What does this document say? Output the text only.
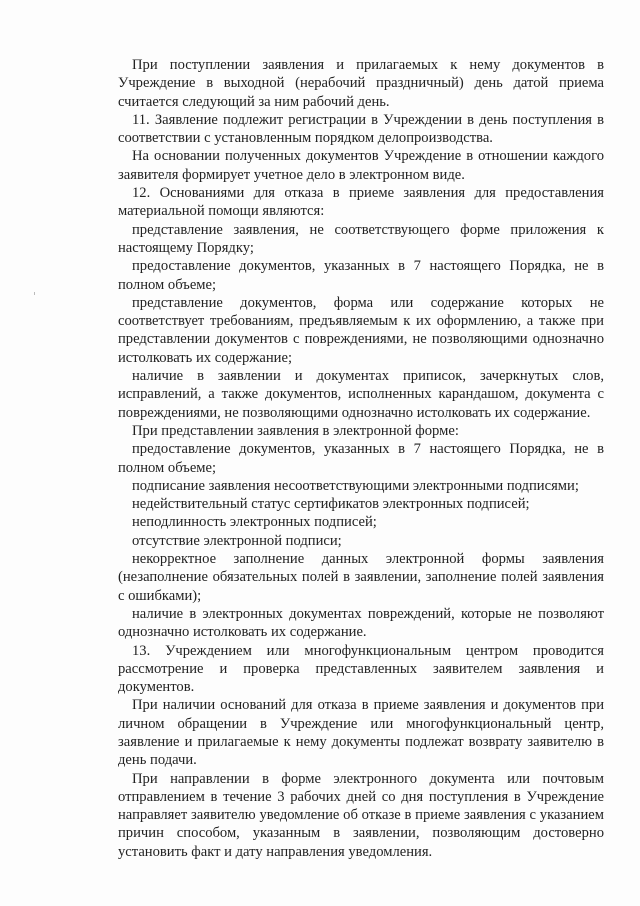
При поступлении заявления и прилагаемых к нему документов в Учреждение в выходной (нерабочий праздничный) день датой приема считается следующий за ним рабочий день.

11. Заявление подлежит регистрации в Учреждении в день поступления в соответствии с установленным порядком делопроизводства.

На основании полученных документов Учреждение в отношении каждого заявителя формирует учетное дело в электронном виде.

12. Основаниями для отказа в приеме заявления для предоставления материальной помощи являются:

представление заявления, не соответствующего форме приложения к настоящему Порядку;

предоставление документов, указанных в 7 настоящего Порядка, не в полном объеме;

представление документов, форма или содержание которых не соответствует требованиям, предъявляемым к их оформлению, а также при представлении документов с повреждениями, не позволяющими однозначно истолковать их содержание;

наличие в заявлении и документах приписок, зачеркнутых слов, исправлений, а также документов, исполненных карандашом, документа с повреждениями, не позволяющими однозначно истолковать их содержание.

При представлении заявления в электронной форме:

предоставление документов, указанных в 7 настоящего Порядка, не в полном объеме;

подписание заявления несоответствующими электронными подписями;

недействительный статус сертификатов электронных подписей;

неподлинность электронных подписей;

отсутствие электронной подписи;

некорректное заполнение данных электронной формы заявления (незаполнение обязательных полей в заявлении, заполнение полей заявления с ошибками);

наличие в электронных документах повреждений, которые не позволяют однозначно истолковать их содержание.

13. Учреждением или многофункциональным центром проводится рассмотрение и проверка представленных заявителем заявления и документов.

При наличии оснований для отказа в приеме заявления и документов при личном обращении в Учреждение или многофункциональный центр, заявление и прилагаемые к нему документы подлежат возврату заявителю в день подачи.

При направлении в форме электронного документа или почтовым отправлением в течение 3 рабочих дней со дня поступления в Учреждение направляет заявителю уведомление об отказе в приеме заявления с указанием причин способом, указанным в заявлении, позволяющим достоверно установить факт и дату направления уведомления.
